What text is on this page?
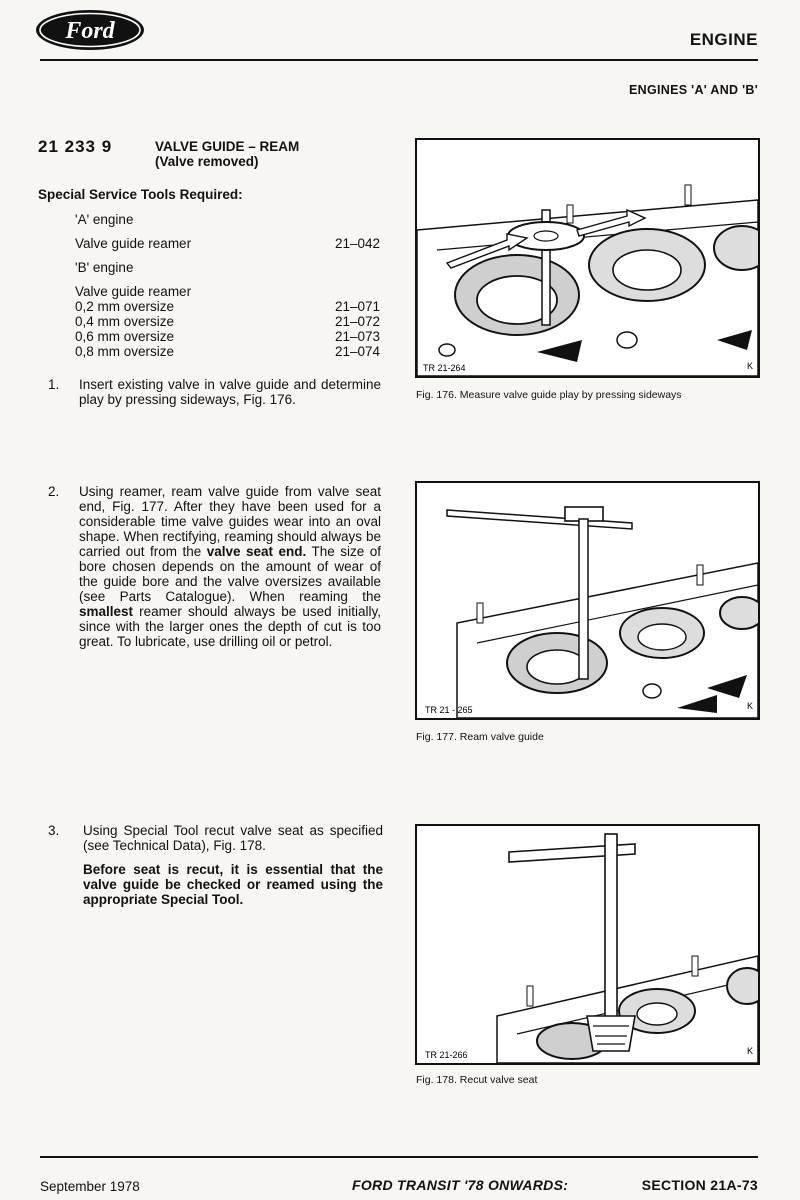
Ford	ENGINE
ENGINES 'A' AND 'B'
21 233 9	VALVE GUIDE – REAM
(Valve removed)
Special Service Tools Required:
'A' engine
Valve guide reamer	21–042
'B' engine
Valve guide reamer
0,2 mm oversize	21–071
0,4 mm oversize	21–072
0,6 mm oversize	21–073
0,8 mm oversize	21–074
1. Insert existing valve in valve guide and determine play by pressing sideways, Fig. 176.
2. Using reamer, ream valve guide from valve seat end, Fig. 177. After they have been used for a considerable time valve guides wear into an oval shape. When rectifying, reaming should always be carried out from the valve seat end. The size of bore chosen depends on the amount of wear of the guide bore and the valve oversizes available (see Parts Catalogue). When reaming the smallest reamer should always be used initially, since with the larger ones the depth of cut is too great. To lubricate, use drilling oil or petrol.
3. Using Special Tool recut valve seat as specified (see Technical Data), Fig. 178.
Before seat is recut, it is essential that the valve guide be checked or reamed using the appropriate Special Tool.
TR 21-264	K
Fig. 176. Measure valve guide play by pressing sideways
TR 21 - 265	K
Fig. 177. Ream valve guide
TR 21-266	K
Fig. 178. Recut valve seat
September 1978	FORD TRANSIT '78 ONWARDS:	SECTION 21A-73
